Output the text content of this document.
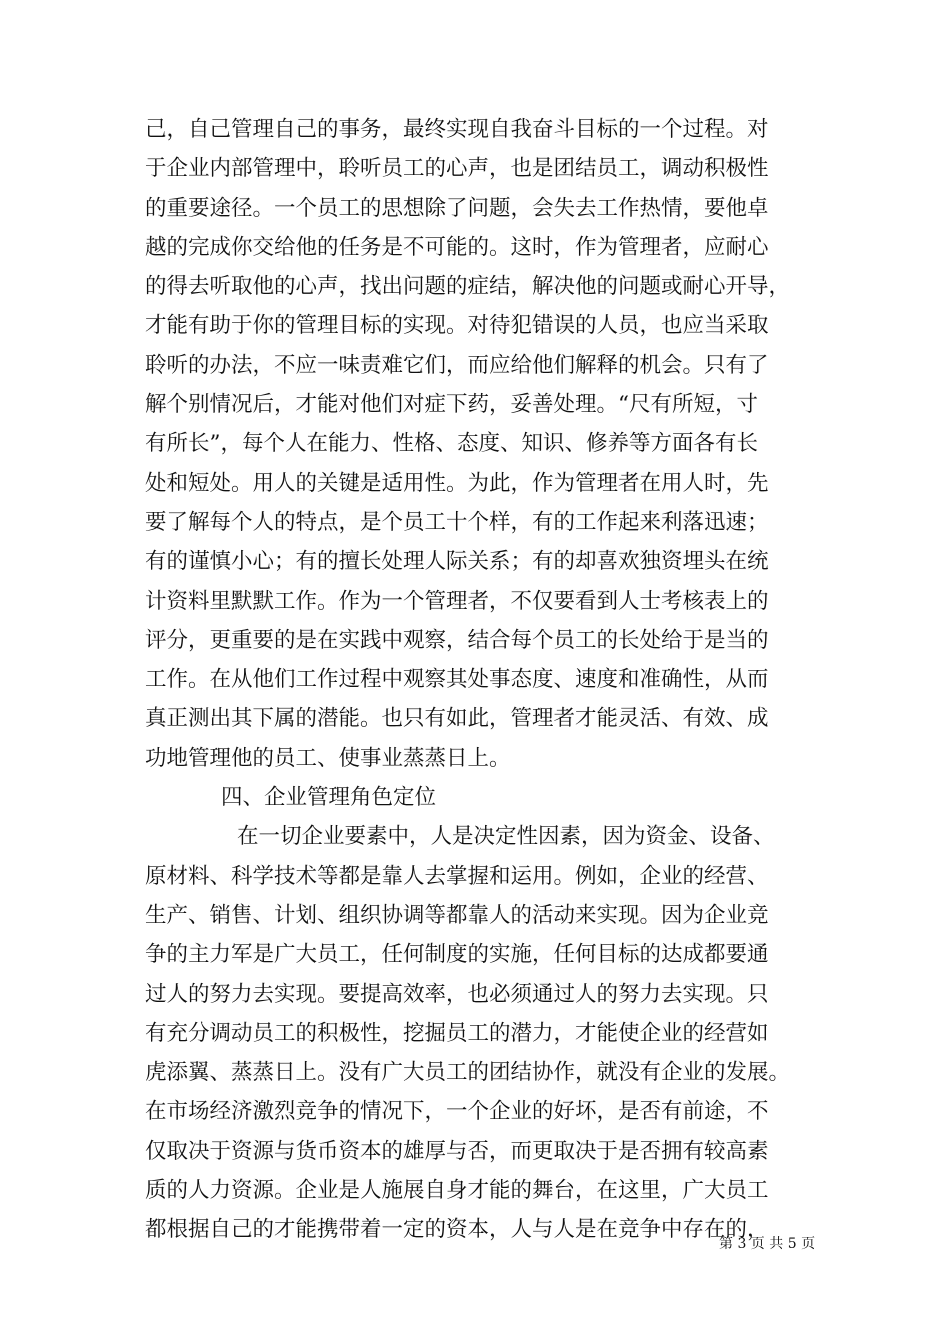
己，自己管理自己的事务，最终实现自我奋斗目标的一个过程。对
于企业内部管理中，聆听员工的心声，也是团结员工，调动积极性
的重要途径。一个员工的思想除了问题，会失去工作热情，要他卓
越的完成你交给他的任务是不可能的。这时，作为管理者，应耐心
的得去听取他的心声，找出问题的症结，解决他的问题或耐心开导，
才能有助于你的管理目标的实现。对待犯错误的人员，也应当采取
聆听的办法，不应一味责难它们，而应给他们解释的机会。只有了
解个别情况后，才能对他们对症下药，妥善处理。“尺有所短，寸
有所长”，每个人在能力、性格、态度、知识、修养等方面各有长
处和短处。用人的关键是适用性。为此，作为管理者在用人时，先
要了解每个人的特点，是个员工十个样，有的工作起来利落迅速；
有的谨慎小心；有的擅长处理人际关系；有的却喜欢独资埋头在统
计资料里默默工作。作为一个管理者，不仅要看到人士考核表上的
评分，更重要的是在实践中观察，结合每个员工的长处给于是当的
工作。在从他们工作过程中观察其处事态度、速度和准确性，从而
真正测出其下属的潜能。也只有如此，管理者才能灵活、有效、成
功地管理他的员工、使事业蒸蒸日上。
四、企业管理角色定位
在一切企业要素中，人是决定性因素，因为资金、设备、
原材料、科学技术等都是靠人去掌握和运用。例如，企业的经营、
生产、销售、计划、组织协调等都靠人的活动来实现。因为企业竞
争的主力军是广大员工，任何制度的实施，任何目标的达成都要通
过人的努力去实现。要提高效率，也必须通过人的努力去实现。只
有充分调动员工的积极性，挖掘员工的潜力，才能使企业的经营如
虎添翼、蒸蒸日上。没有广大员工的团结协作，就没有企业的发展。
在市场经济激烈竞争的情况下，一个企业的好坏，是否有前途，不
仅取决于资源与货币资本的雄厚与否，而更取决于是否拥有较高素
质的人力资源。企业是人施展自身才能的舞台，在这里，广大员工
都根据自己的才能携带着一定的资本，人与人是在竞争中存在的，
第 3 页 共 5 页
